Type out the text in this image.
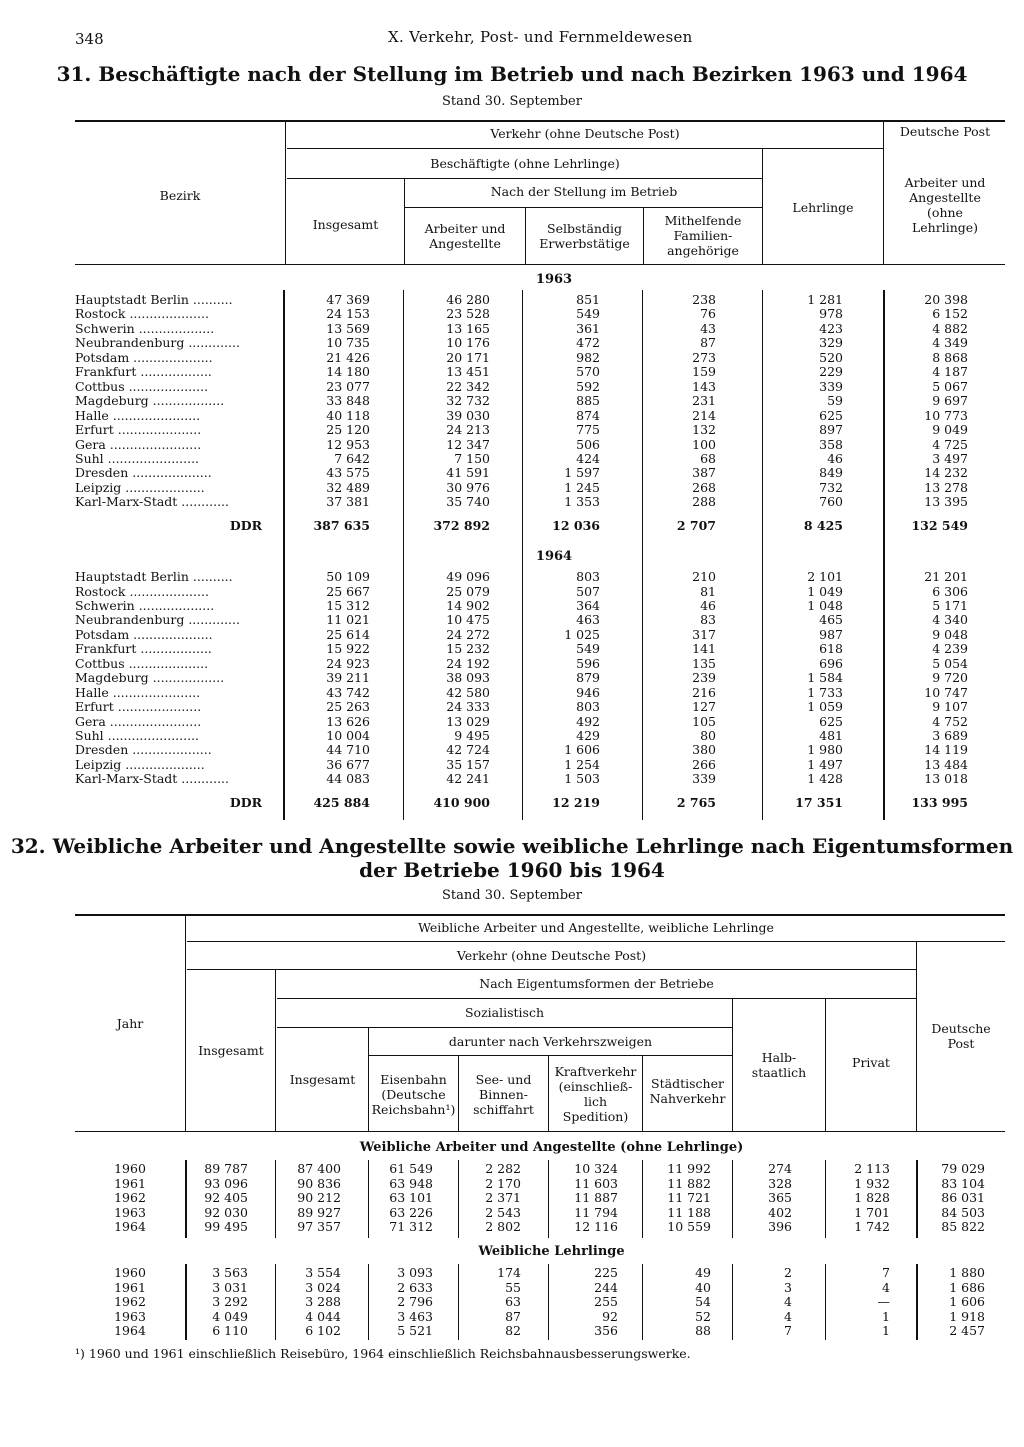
348	X. Verkehr, Post- und Fernmeldewesen
31. Beschäftigte nach der Stellung im Betrieb und nach Bezirken 1963 und 1964
Stand 30. September
Bezirk
Verkehr (ohne Deutsche Post)	Deutsche Post
Beschäftigte (ohne Lehrlinge)
Nach der Stellung im Betrieb
Insgesamt	Arbeiter und
Angestellte
Selbständig
Erwerbstätige
Mithelfende
Familien-
angehörige
Lehrlinge
Arbeiter und
Angestellte
(ohne
Lehrlinge)
1963
Hauptstadt Berlin ..........	47 369	46 280	851	238	1 281	20 398
Rostock ....................	24 153	23 528	549	76	978	6 152
Schwerin ...................	13 569	13 165	361	43	423	4 882
Neubrandenburg .............	10 735	10 176	472	87	329	4 349
Potsdam ....................	21 426	20 171	982	273	520	8 868
Frankfurt ..................	14 180	13 451	570	159	229	4 187
Cottbus ....................	23 077	22 342	592	143	339	5 067
Magdeburg ..................	33 848	32 732	885	231	59	9 697
Halle ......................	40 118	39 030	874	214	625	10 773
Erfurt .....................	25 120	24 213	775	132	897	9 049
Gera .......................	12 953	12 347	506	100	358	4 725
Suhl .......................	7 642	7 150	424	68	46	3 497
Dresden ....................	43 575	41 591	1 597	387	849	14 232
Leipzig ....................	32 489	30 976	1 245	268	732	13 278
Karl-Marx-Stadt ............	37 381	35 740	1 353	288	760	13 395
DDR	387 635	372 892	12 036	2 707	8 425	132 549
1964
Hauptstadt Berlin ..........	50 109	49 096	803	210	2 101	21 201
Rostock ....................	25 667	25 079	507	81	1 049	6 306
Schwerin ...................	15 312	14 902	364	46	1 048	5 171
Neubrandenburg .............	11 021	10 475	463	83	465	4 340
Potsdam ....................	25 614	24 272	1 025	317	987	9 048
Frankfurt ..................	15 922	15 232	549	141	618	4 239
Cottbus ....................	24 923	24 192	596	135	696	5 054
Magdeburg ..................	39 211	38 093	879	239	1 584	9 720
Halle ......................	43 742	42 580	946	216	1 733	10 747
Erfurt .....................	25 263	24 333	803	127	1 059	9 107
Gera .......................	13 626	13 029	492	105	625	4 752
Suhl .......................	10 004	9 495	429	80	481	3 689
Dresden ....................	44 710	42 724	1 606	380	1 980	14 119
Leipzig ....................	36 677	35 157	1 254	266	1 497	13 484
Karl-Marx-Stadt ............	44 083	42 241	1 503	339	1 428	13 018
DDR	425 884	410 900	12 219	2 765	17 351	133 995
32. Weibliche Arbeiter und Angestellte sowie weibliche Lehrlinge nach Eigentumsformen
der Betriebe 1960 bis 1964
Stand 30. September
Jahr
Weibliche Arbeiter und Angestellte, weibliche Lehrlinge
Verkehr (ohne Deutsche Post)
Nach Eigentumsformen der Betriebe
Sozialistisch
darunter nach Verkehrszweigen
Insgesamt
Insgesamt	Eisenbahn
(Deutsche
Reichsbahn¹)
See- und
Binnen-
schiffahrt
Kraftverkehr
(einschließ-
lich
Spedition)
Städtischer
Nahverkehr
Halb-
staatlich
Privat
Deutsche
Post
Weibliche Arbeiter und Angestellte (ohne Lehrlinge)
1960	89 787	87 400	61 549	2 282	10 324	11 992	274	2 113	79 029
1961	93 096	90 836	63 948	2 170	11 603	11 882	328	1 932	83 104
1962	92 405	90 212	63 101	2 371	11 887	11 721	365	1 828	86 031
1963	92 030	89 927	63 226	2 543	11 794	11 188	402	1 701	84 503
1964	99 495	97 357	71 312	2 802	12 116	10 559	396	1 742	85 822
Weibliche Lehrlinge
1960	3 563	3 554	3 093	174	225	49	2	7	1 880
1961	3 031	3 024	2 633	55	244	40	3	4	1 686
1962	3 292	3 288	2 796	63	255	54	4	—	1 606
1963	4 049	4 044	3 463	87	92	52	4	1	1 918
1964	6 110	6 102	5 521	82	356	88	7	1	2 457
¹) 1960 und 1961 einschließlich Reisebüro, 1964 einschließlich Reichsbahnausbesserungswerke.
